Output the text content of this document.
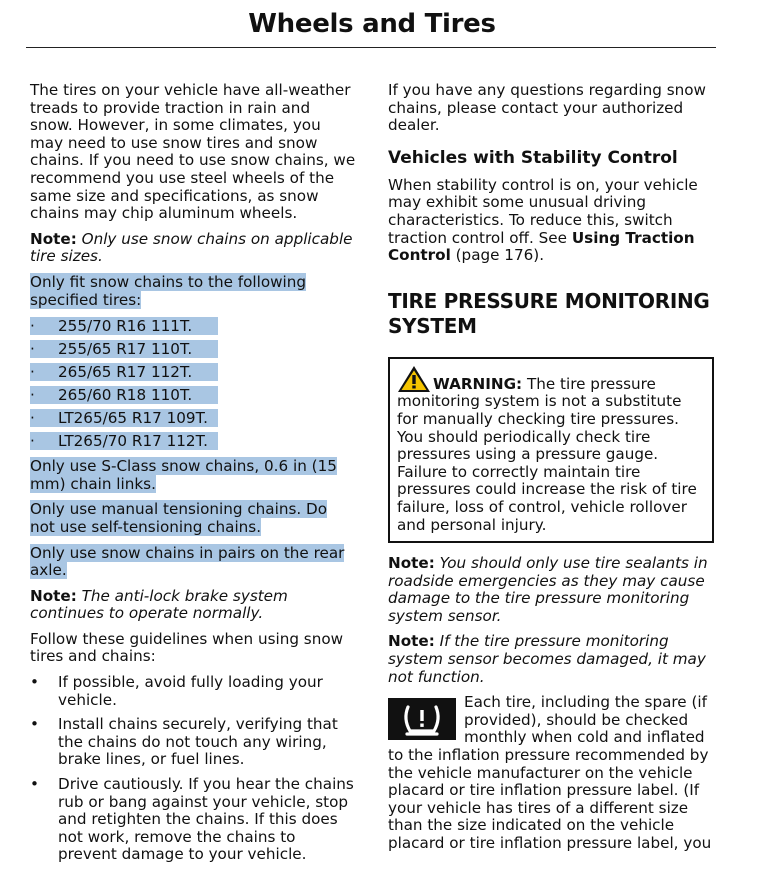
Wheels and Tires

The tires on your vehicle have all-weather treads to provide traction in rain and snow. However, in some climates, you may need to use snow tires and snow chains. If you need to use snow chains, we recommend you use steel wheels of the same size and specifications, as snow chains may chip aluminum wheels.

Note: Only use snow chains on applicable tire sizes.

Only fit snow chains to the following specified tires:
· 255/70 R16 111T.
· 255/65 R17 110T.
· 265/65 R17 112T.
· 265/60 R18 110T.
· LT265/65 R17 109T.
· LT265/70 R17 112T.
Only use S-Class snow chains, 0.6 in (15 mm) chain links.
Only use manual tensioning chains. Do not use self-tensioning chains.
Only use snow chains in pairs on the rear axle.

Note: The anti-lock brake system continues to operate normally.

Follow these guidelines when using snow tires and chains:

• If possible, avoid fully loading your vehicle.
• Install chains securely, verifying that the chains do not touch any wiring, brake lines, or fuel lines.
• Drive cautiously. If you hear the chains rub or bang against your vehicle, stop and retighten the chains. If this does not work, remove the chains to prevent damage to your vehicle.

If you have any questions regarding snow chains, please contact your authorized dealer.

Vehicles with Stability Control

When stability control is on, your vehicle may exhibit some unusual driving characteristics. To reduce this, switch traction control off. See Using Traction Control (page 176).

TIRE PRESSURE MONITORING SYSTEM
WARNING: The tire pressure monitoring system is not a substitute for manually checking tire pressures. You should periodically check tire pressures using a pressure gauge. Failure to correctly maintain tire pressures could increase the risk of tire failure, loss of control, vehicle rollover and personal injury.

Note: You should only use tire sealants in roadside emergencies as they may cause damage to the tire pressure monitoring system sensor.

Note: If the tire pressure monitoring system sensor becomes damaged, it may not function.

Each tire, including the spare (if provided), should be checked monthly when cold and inflated to the inflation pressure recommended by the vehicle manufacturer on the vehicle placard or tire inflation pressure label. (If your vehicle has tires of a different size than the size indicated on the vehicle placard or tire inflation pressure label, you
